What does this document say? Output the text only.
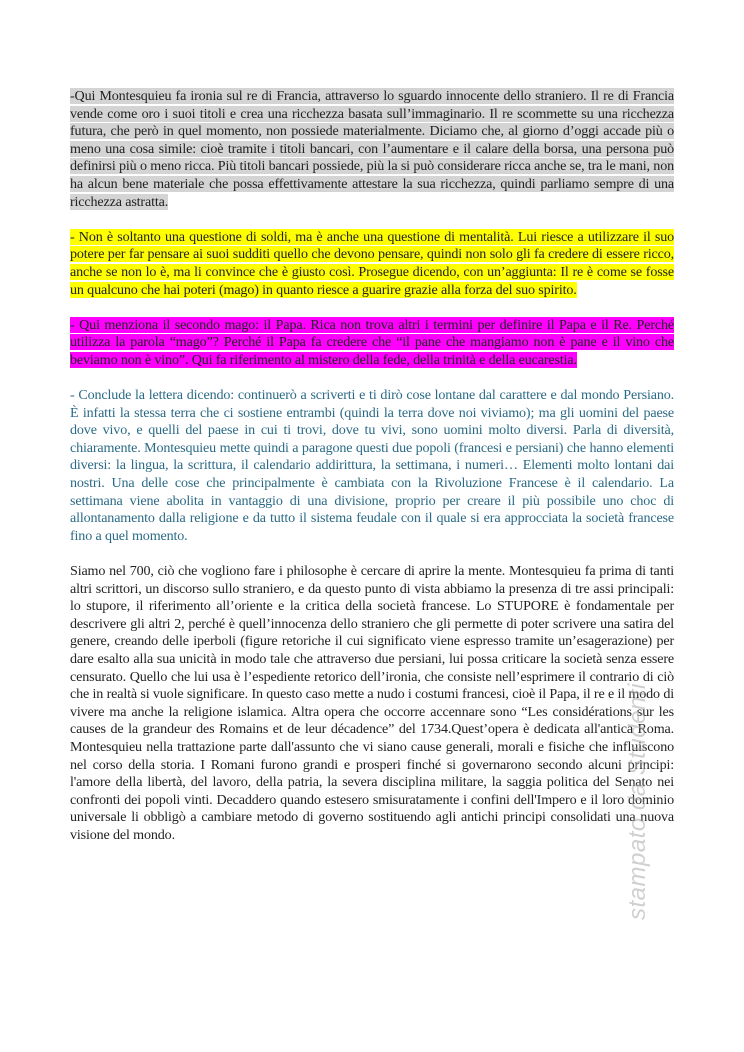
-Qui Montesquieu fa ironia sul re di Francia, attraverso lo sguardo innocente dello straniero. Il re di Francia vende come oro i suoi titoli e crea una ricchezza basata sull’immaginario. Il re scommette su una ricchezza futura, che però in quel momento, non possiede materialmente. Diciamo che, al giorno d’oggi accade più o meno una cosa simile: cioè tramite i titoli bancari, con l’aumentare e il calare della borsa, una persona può definirsi più o meno ricca. Più titoli bancari possiede, più la si può considerare ricca anche se, tra le mani, non ha alcun bene materiale che possa effettivamente attestare la sua ricchezza, quindi parliamo sempre di una ricchezza astratta.

- Non è soltanto una questione di soldi, ma è anche una questione di mentalità. Lui riesce a utilizzare il suo potere per far pensare ai suoi sudditi quello che devono pensare, quindi non solo gli fa credere di essere ricco, anche se non lo è, ma li convince che è giusto così. Prosegue dicendo, con un’aggiunta: Il re è come se fosse un qualcuno che hai poteri (mago) in quanto riesce a guarire grazie alla forza del suo spirito.

- Qui menziona il secondo mago: il Papa. Rica non trova altri i termini per definire il Papa e il Re. Perché utilizza la parola “mago”? Perché il Papa fa credere che “il pane che mangiamo non è pane e il vino che beviamo non è vino”. Qui fa riferimento al mistero della fede, della trinità e della eucarestia.

- Conclude la lettera dicendo: continuerò a scriverti e ti dirò cose lontane dal carattere e dal mondo Persiano. È infatti la stessa terra che ci sostiene entrambi (quindi la terra dove noi viviamo); ma gli uomini del paese dove vivo, e quelli del paese in cui ti trovi, dove tu vivi, sono uomini molto diversi. Parla di diversità, chiaramente. Montesquieu mette quindi a paragone questi due popoli (francesi e persiani) che hanno elementi diversi: la lingua, la scrittura, il calendario addirittura, la settimana, i numeri… Elementi molto lontani dai nostri. Una delle cose che principalmente è cambiata con la Rivoluzione Francese è il calendario. La settimana viene abolita in vantaggio di una divisione, proprio per creare il più possibile uno choc di allontanamento dalla religione e da tutto il sistema feudale con il quale si era approcciata la società francese fino a quel momento.

Siamo nel 700, ciò che vogliono fare i philosophe è cercare di aprire la mente. Montesquieu fa prima di tanti altri scrittori, un discorso sullo straniero, e da questo punto di vista abbiamo la presenza di tre assi principali: lo stupore, il riferimento all’oriente e la critica della società francese. Lo STUPORE è fondamentale per descrivere gli altri 2, perché è quell’innocenza dello straniero che gli permette di poter scrivere una satira del genere, creando delle iperboli (figure retoriche il cui significato viene espresso tramite un’esagerazione) per dare esalto alla sua unicità in modo tale che attraverso due persiani, lui possa criticare la società senza essere censurato. Quello che lui usa è l’espediente retorico dell’ironia, che consiste nell’esprimere il contrario di ciò che in realtà si vuole significare. In questo caso mette a nudo i costumi francesi, cioè il Papa, il re e il modo di vivere ma anche la religione islamica. Altra opera che occorre accennare sono “Les considérations sur les causes de la grandeur des Romains et de leur décadence” del 1734.Quest’opera è dedicata all'antica Roma. Montesquieu nella trattazione parte dall'assunto che vi siano cause generali, morali e fisiche che influiscono nel corso della storia. I Romani furono grandi e prosperi finché si governarono secondo alcuni principi: l'amore della libertà, del lavoro, della patria, la severa disciplina militare, la saggia politica del Senato nei confronti dei popoli vinti. Decaddero quando estesero smisuratamente i confini dell'Impero e il loro dominio universale li obbligò a cambiare metodo di governo sostituendo agli antichi principi consolidati una nuova visione del mondo.	stampato da Studenti
